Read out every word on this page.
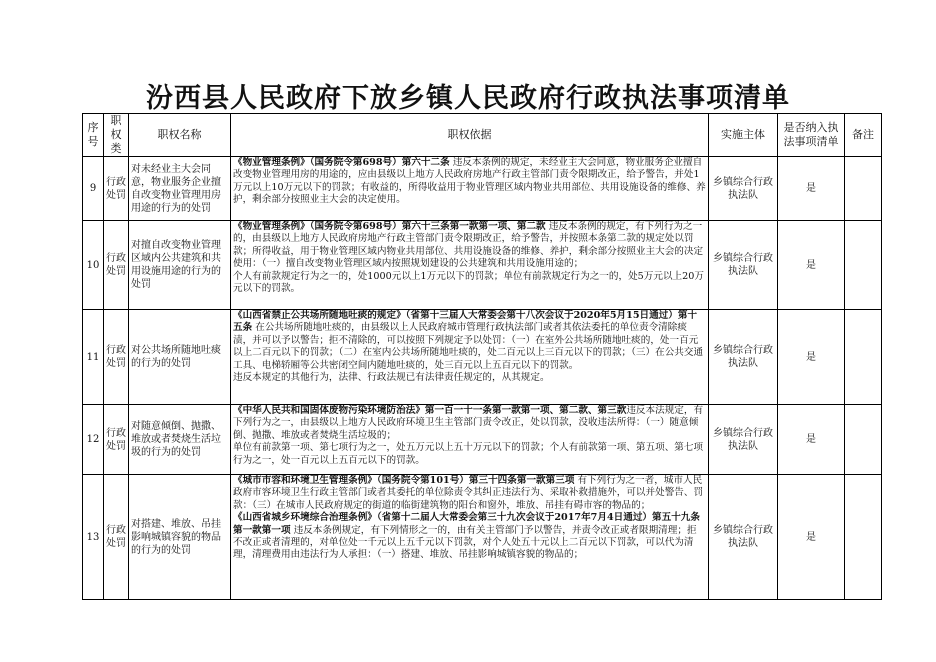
汾西县人民政府下放乡镇人民政府行政执法事项清单
序号	职权类	职权名称	职权依据	实施主体	是否纳入执法事项清单	备注
9	行政处罚	对未经业主大会同意，物业服务企业擅自改变物业管理用房用途的行为的处罚	《物业管理条例》（国务院令第698号）第六十二条 违反本条例的规定，未经业主大会同意，物业服务企业擅自改变物业管理用房的用途的，应由县级以上地方人民政府房地产行政主管部门责令限期改正，给予警告，并处1万元以上10万元以下的罚款；有收益的，所得收益用于物业管理区域内物业共用部位、共用设施设备的维修、养护，剩余部分按照业主大会的决定使用。	乡镇综合行政执法队	是	
10	行政处罚	对擅自改变物业管理区域内公共建筑和共用设施用途的行为的处罚	《物业管理条例》（国务院令第698号）第六十三条第一款第一项、第二款 违反本条例的规定，有下列行为之一的，由县级以上地方人民政府房地产行政主管部门责令限期改正，给予警告，并按照本条第二款的规定处以罚款；所得收益，用于物业管理区域内物业共用部位、共用设施设备的维修、养护，剩余部分按照业主大会的决定使用：（一）擅自改变物业管理区域内按照规划建设的公共建筑和共用设施用途的；
个人有前款规定行为之一的，处1000元以上1万元以下的罚款；单位有前款规定行为之一的，处5万元以上20万元以下的罚款。	乡镇综合行政执法队	是	
11	行政处罚	对公共场所随地吐痰的行为的处罚	《山西省禁止公共场所随地吐痰的规定》（省第十三届人大常委会第十八次会议于2020年5月15日通过）第十五条 在公共场所随地吐痰的，由县级以上人民政府城市管理行政执法部门或者其依法委托的单位责令清除痰渍，并可以予以警告；拒不清除的，可以按照下列规定予以处罚：（一）在室外公共场所随地吐痰的，处一百元以上二百元以下的罚款；（二）在室内公共场所随地吐痰的，处二百元以上三百元以下的罚款；（三）在公共交通工具、电梯轿厢等公共密闭空间内随地吐痰的，处三百元以上五百元以下的罚款。
违反本规定的其他行为，法律、行政法规已有法律责任规定的，从其规定。	乡镇综合行政执法队	是	
12	行政处罚	对随意倾倒、抛撒、堆放或者焚烧生活垃圾的行为的处罚	《中华人民共和国固体废物污染环境防治法》第一百一十一条第一款第一项、第二款、第三款违反本法规定，有下列行为之一，由县级以上地方人民政府环境卫生主管部门责令改正，处以罚款，没收违法所得：（一）随意倾倒、抛撒、堆放或者焚烧生活垃圾的；
单位有前款第一项、第七项行为之一，处五万元以上五十万元以下的罚款；个人有前款第一项、第五项、第七项行为之一，处一百元以上五百元以下的罚款。	乡镇综合行政执法队	是	
13	行政处罚	对搭建、堆放、吊挂影响城镇容貌的物品的行为的处罚	《城市市容和环境卫生管理条例》（国务院令第101号）第三十四条第一款第三项 有下列行为之一者，城市人民政府市容环境卫生行政主管部门或者其委托的单位除责令其纠正违法行为、采取补救措施外，可以并处警告、罚款：（三）在城市人民政府规定的街道的临街建筑物的阳台和窗外，堆放、吊挂有碍市容的物品的；
《山西省城乡环境综合治理条例》（省第十二届人大常委会第三十九次会议于2017年7月4日通过）第五十九条第一款第一项 违反本条例规定，有下列情形之一的，由有关主管部门予以警告，并责令改正或者限期清理；拒不改正或者清理的，对单位处一千元以上五千元以下罚款，对个人处五十元以上二百元以下罚款，可以代为清理，清理费用由违法行为人承担：（一）搭建、堆放、吊挂影响城镇容貌的物品的；	乡镇综合行政执法队	是	
